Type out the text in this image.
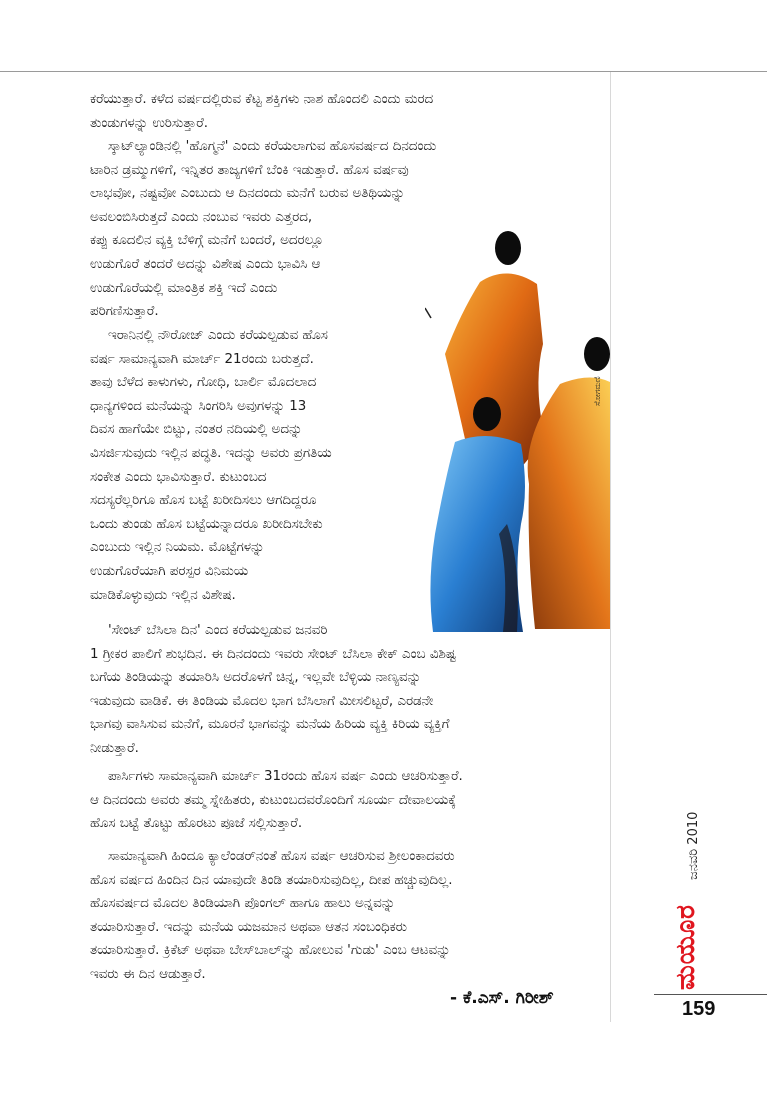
ಕರೆಯುತ್ತಾರೆ. ಕಳೆದ ವರ್ಷದಲ್ಲಿರುವ ಕೆಟ್ಟ ಶಕ್ತಿಗಳು ನಾಶ ಹೊಂದಲಿ ಎಂದು ಮರದ
ತುಂಡುಗಳನ್ನು ಉರಿಸುತ್ತಾರೆ.
ಸ್ಕಾಟ್‌ಲ್ಯಾಂಡಿನಲ್ಲಿ 'ಹೊಗ್ಮನೆ' ಎಂದು ಕರೆಯಲಾಗುವ ಹೊಸವರ್ಷದ ದಿನದಂದು
ಟಾರಿನ ಡ್ರಮ್ಮುಗಳಿಗೆ, ಇನ್ನಿತರ ತಾಜ್ಯಗಳಿಗೆ ಬೆಂಕಿ ಇಡುತ್ತಾರೆ. ಹೊಸ ವರ್ಷವು
ಲಾಭವೋ, ನಷ್ಟವೋ ಎಂಬುದು ಆ ದಿನದಂದು ಮನೆಗೆ ಬರುವ ಅತಿಥಿಯನ್ನು
ಅವಲಂಬಿಸಿರುತ್ತದೆ ಎಂದು ನಂಬುವ ಇವರು ಎತ್ತರದ,
ಕಪ್ಪು ಕೂದಲಿನ ವ್ಯಕ್ತಿ ಬೆಳಿಗ್ಗೆ ಮನೆಗೆ ಬಂದರೆ, ಅದರಲ್ಲೂ
ಉಡುಗೊರೆ ತಂದರೆ ಅದನ್ನು ವಿಶೇಷ ಎಂದು ಭಾವಿಸಿ ಆ
ಉಡುಗೊರೆಯಲ್ಲಿ ಮಾಂತ್ರಿಕ ಶಕ್ತಿ ಇದೆ ಎಂದು
ಪರಿಗಣಿಸುತ್ತಾರೆ.
ಇರಾನಿನಲ್ಲಿ ನೌರೋಜ್ ಎಂದು ಕರೆಯಲ್ಪಡುವ ಹೊಸ
ವರ್ಷ ಸಾಮಾನ್ಯವಾಗಿ ಮಾರ್ಚ್ 21ರಂದು ಬರುತ್ತದೆ.
ತಾವು ಬೆಳೆದ ಕಾಳುಗಳು, ಗೋಧಿ, ಬಾರ್ಲಿ ಮೊದಲಾದ
ಧಾನ್ಯಗಳಿಂದ ಮನೆಯನ್ನು ಸಿಂಗರಿಸಿ ಅವುಗಳನ್ನು 13
ದಿವಸ ಹಾಗೆಯೇ ಬಿಟ್ಟು, ನಂತರ ನದಿಯಲ್ಲಿ ಅದನ್ನು
ವಿಸರ್ಜಿಸುವುದು ಇಲ್ಲಿನ ಪದ್ಧತಿ. ಇದನ್ನು ಅವರು ಪ್ರಗತಿಯ
ಸಂಕೇತ ಎಂದು ಭಾವಿಸುತ್ತಾರೆ. ಕುಟುಂಬದ
ಸದಸ್ಯರೆಲ್ಲರಿಗೂ ಹೊಸ ಬಟ್ಟೆ ಖರೀದಿಸಲು ಆಗದಿದ್ದರೂ
ಒಂದು ತುಂಡು ಹೊಸ ಬಟ್ಟೆಯನ್ನಾದರೂ ಖರೀದಿಸಬೇಕು
ಎಂಬುದು ಇಲ್ಲಿನ ನಿಯಮ. ಮೊಟ್ಟೆಗಳನ್ನು
ಉಡುಗೊರೆಯಾಗಿ ಪರಸ್ಪರ ವಿನಿಮಯ
ಮಾಡಿಕೊಳ್ಳುವುದು ಇಲ್ಲಿನ ವಿಶೇಷ.
'ಸೇಂಟ್ ಬೆಸಿಲಾ ದಿನ' ಎಂದ ಕರೆಯಲ್ಪಡುವ ಜನವರಿ
1 ಗ್ರೀಕರ ಪಾಲಿಗೆ ಶುಭದಿನ. ಈ ದಿನದಂದು ಇವರು ಸೇಂಟ್ ಬೆಸಿಲಾ ಕೇಕ್ ಎಂಬ ವಿಶಿಷ್ಟ
ಬಗೆಯ ತಿಂಡಿಯನ್ನು ತಯಾರಿಸಿ ಅದರೊಳಗೆ ಚಿನ್ನ, ಇಲ್ಲವೇ ಬೆಳ್ಳಿಯ ನಾಣ್ಯವನ್ನು
ಇಡುವುದು ವಾಡಿಕೆ. ಈ ತಿಂಡಿಯ ಮೊದಲ ಭಾಗ ಬೆಸಿಲಾಗೆ ಮೀಸಲಿಟ್ಟರೆ, ಎರಡನೇ
ಭಾಗವು ವಾಸಿಸುವ ಮನೆಗೆ, ಮೂರನೆ ಭಾಗವನ್ನು ಮನೆಯ ಹಿರಿಯ ವ್ಯಕ್ತಿ ಕಿರಿಯ ವ್ಯಕ್ತಿಗೆ
ನೀಡುತ್ತಾರೆ.
ಪಾರ್ಸಿಗಳು ಸಾಮಾನ್ಯವಾಗಿ ಮಾರ್ಚ್ 31ರಂದು ಹೊಸ ವರ್ಷ ಎಂದು ಆಚರಿಸುತ್ತಾರೆ.
ಆ ದಿನದಂದು ಅವರು ತಮ್ಮ ಸ್ನೇಹಿತರು, ಕುಟುಂಬದವರೊಂದಿಗೆ ಸೂರ್ಯ ದೇವಾಲಯಕ್ಕೆ
ಹೊಸ ಬಟ್ಟೆ ತೊಟ್ಟು ಹೊರಟು ಪೂಜೆ ಸಲ್ಲಿಸುತ್ತಾರೆ.
ಸಾಮಾನ್ಯವಾಗಿ ಹಿಂದೂ ಕ್ಯಾಲೆಂಡರ್‌ನಂತೆ ಹೊಸ ವರ್ಷ ಆಚರಿಸುವ ಶ್ರೀಲಂಕಾದವರು
ಹೊಸ ವರ್ಷದ ಹಿಂದಿನ ದಿನ ಯಾವುದೇ ತಿಂಡಿ ತಯಾರಿಸುವುದಿಲ್ಲ, ದೀಪ ಹಚ್ಚುವುದಿಲ್ಲ.
ಹೊಸವರ್ಷದ ಮೊದಲ ತಿಂಡಿಯಾಗಿ ಪೊಂಗಲ್ ಹಾಗೂ ಹಾಲು ಅನ್ನವನ್ನು
ತಯಾರಿಸುತ್ತಾರೆ. ಇದನ್ನು ಮನೆಯ ಯಜಮಾನ ಅಥವಾ ಆತನ ಸಂಬಂಧಿಕರು
ತಯಾರಿಸುತ್ತಾರೆ. ಕ್ರಿಕೆಟ್ ಅಥವಾ ಬೇಸ್‌ಬಾಲ್‌ನ್ನು ಹೋಲುವ 'ಗುಡು' ಎಂಬ ಆಟವನ್ನು
ಇವರು ಈ ದಿನ ಆಡುತ್ತಾರೆ.
ಸೋಗಮಣಿ
- ಕೆ.ಎಸ್. ಗಿರೀಶ್
ಮಯೂರ
ಜನವರಿ 2010
159
